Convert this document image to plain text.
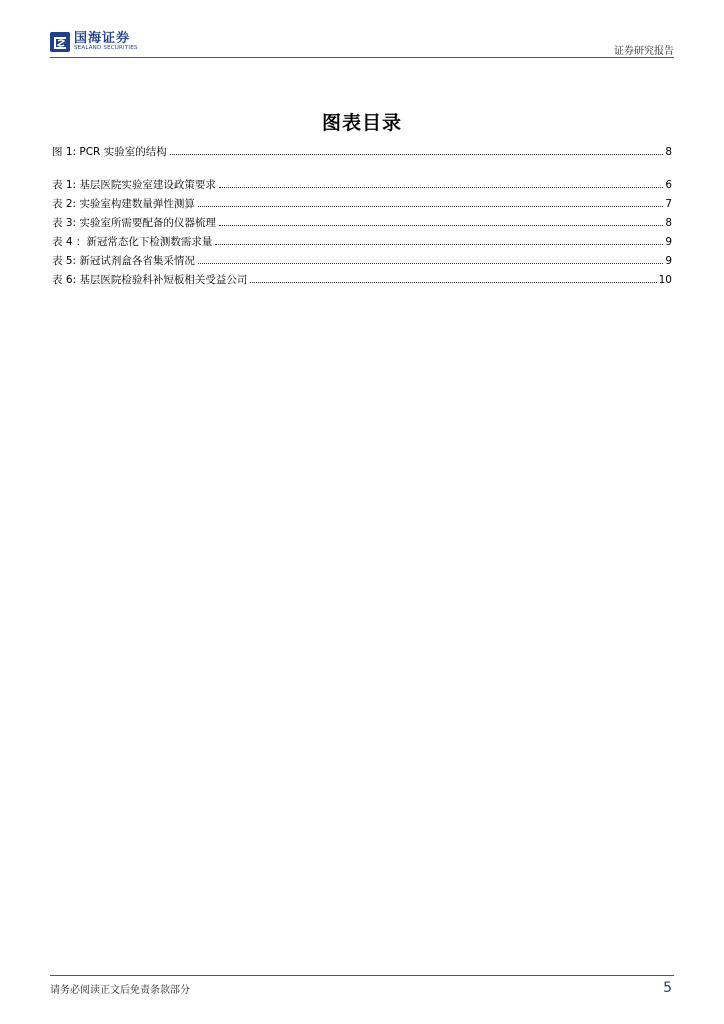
国海证券
SEALAND SECURITIES	证券研究报告
图表目录
图 1: PCR 实验室的结构	8
表 1: 基层医院实验室建设政策要求	6
表 2: 实验室构建数量弹性测算	7
表 3: 实验室所需要配备的仪器梳理	8
表 4 ：新冠常态化下检测数需求量	9
表 5: 新冠试剂盒各省集采情况	9
表 6: 基层医院检验科补短板相关受益公司	10
请务必阅读正文后免责条款部分	5
